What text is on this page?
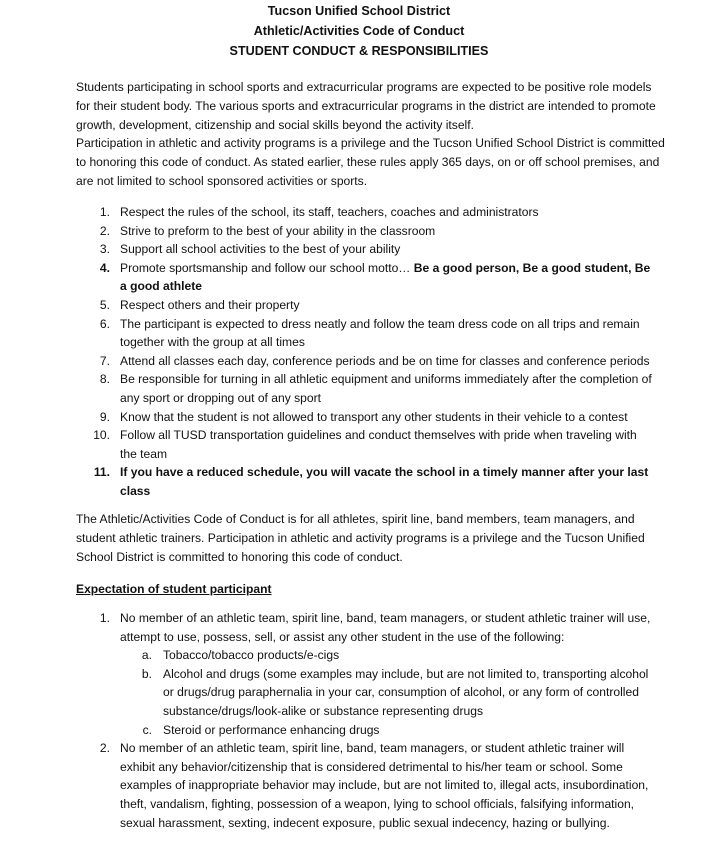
Tucson Unified School District
Athletic/Activities Code of Conduct
STUDENT CONDUCT & RESPONSIBILITIES
Students participating in school sports and extracurricular programs are expected to be positive role models for their student body. The various sports and extracurricular programs in the district are intended to promote growth, development, citizenship and social skills beyond the activity itself.
Participation in athletic and activity programs is a privilege and the Tucson Unified School District is committed to honoring this code of conduct. As stated earlier, these rules apply 365 days, on or off school premises, and are not limited to school sponsored activities or sports.
1. Respect the rules of the school, its staff, teachers, coaches and administrators
2. Strive to preform to the best of your ability in the classroom
3. Support all school activities to the best of your ability
4. Promote sportsmanship and follow our school motto… Be a good person, Be a good student, Be a good athlete
5. Respect others and their property
6. The participant is expected to dress neatly and follow the team dress code on all trips and remain together with the group at all times
7. Attend all classes each day, conference periods and be on time for classes and conference periods
8. Be responsible for turning in all athletic equipment and uniforms immediately after the completion of any sport or dropping out of any sport
9. Know that the student is not allowed to transport any other students in their vehicle to a contest
10. Follow all TUSD transportation guidelines and conduct themselves with pride when traveling with the team
11. If you have a reduced schedule, you will vacate the school in a timely manner after your last class
The Athletic/Activities Code of Conduct is for all athletes, spirit line, band members, team managers, and student athletic trainers. Participation in athletic and activity programs is a privilege and the Tucson Unified School District is committed to honoring this code of conduct.
Expectation of student participant
1. No member of an athletic team, spirit line, band, team managers, or student athletic trainer will use, attempt to use, possess, sell, or assist any other student in the use of the following:
a. Tobacco/tobacco products/e-cigs
b. Alcohol and drugs (some examples may include, but are not limited to, transporting alcohol or drugs/drug paraphernalia in your car, consumption of alcohol, or any form of controlled substance/drugs/look-alike or substance representing drugs
c. Steroid or performance enhancing drugs
2. No member of an athletic team, spirit line, band, team managers, or student athletic trainer will exhibit any behavior/citizenship that is considered detrimental to his/her team or school. Some examples of inappropriate behavior may include, but are not limited to, illegal acts, insubordination, theft, vandalism, fighting, possession of a weapon, lying to school officials, falsifying information, sexual harassment, sexting, indecent exposure, public sexual indecency, hazing or bullying.
